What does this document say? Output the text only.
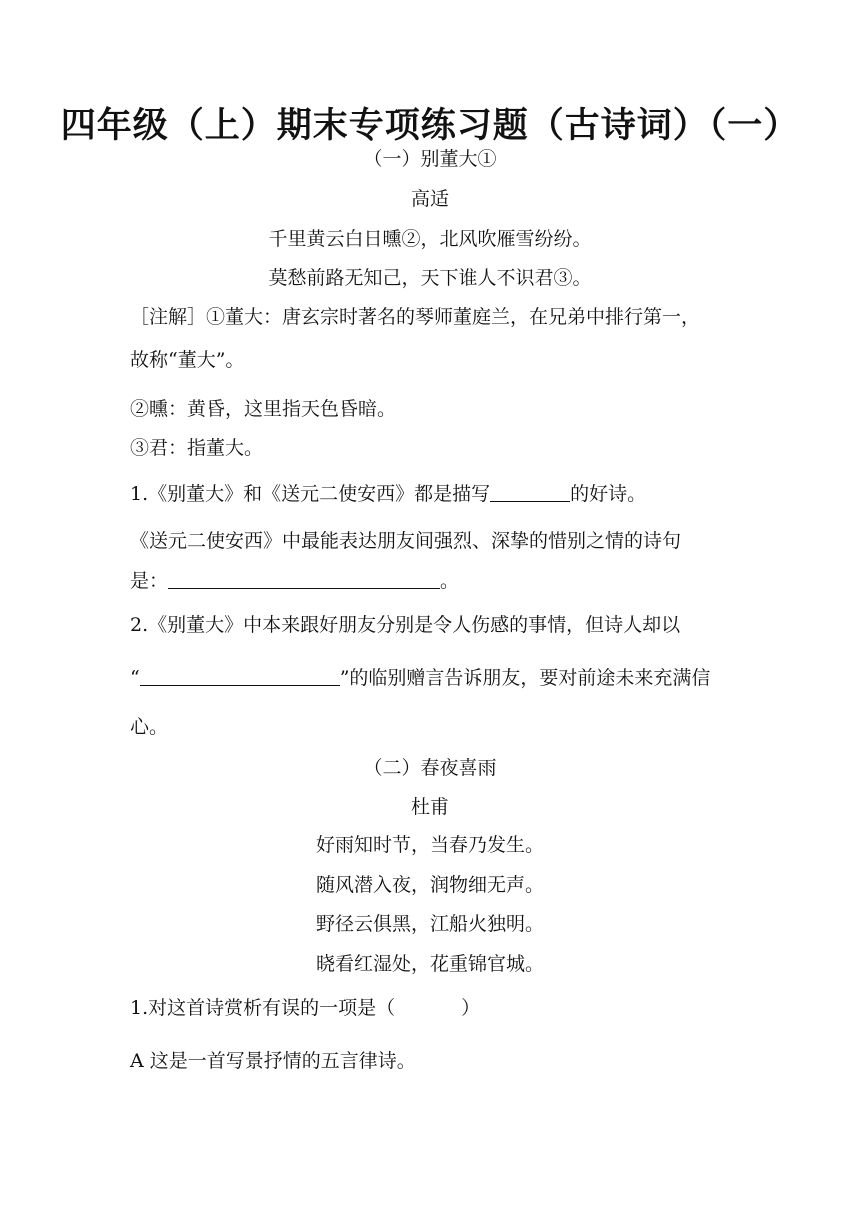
四年级（上）期末专项练习题（古诗词）（一）
（一）别董大①
高适
千里黄云白日曛②，北风吹雁雪纷纷。
莫愁前路无知己，天下谁人不识君③。
［注解］①董大：唐玄宗时著名的琴师董庭兰，在兄弟中排行第一，
故称“董大”。
②曛：黄昏，这里指天色昏暗。
③君：指董大。
1.《别董大》和《送元二使安西》都是描写	的好诗。
《送元二使安西》中最能表达朋友间强烈、深挚的惜别之情的诗句
是：	。
2.《别董大》中本来跟好朋友分别是令人伤感的事情，但诗人却以
“	”的临别赠言告诉朋友，要对前途未来充满信
心。
（二）春夜喜雨
杜甫
好雨知时节，当春乃发生。
随风潜入夜，润物细无声。
野径云俱黑，江船火独明。
晓看红湿处，花重锦官城。
1.对这首诗赏析有误的一项是（	）
A 这是一首写景抒情的五言律诗。
